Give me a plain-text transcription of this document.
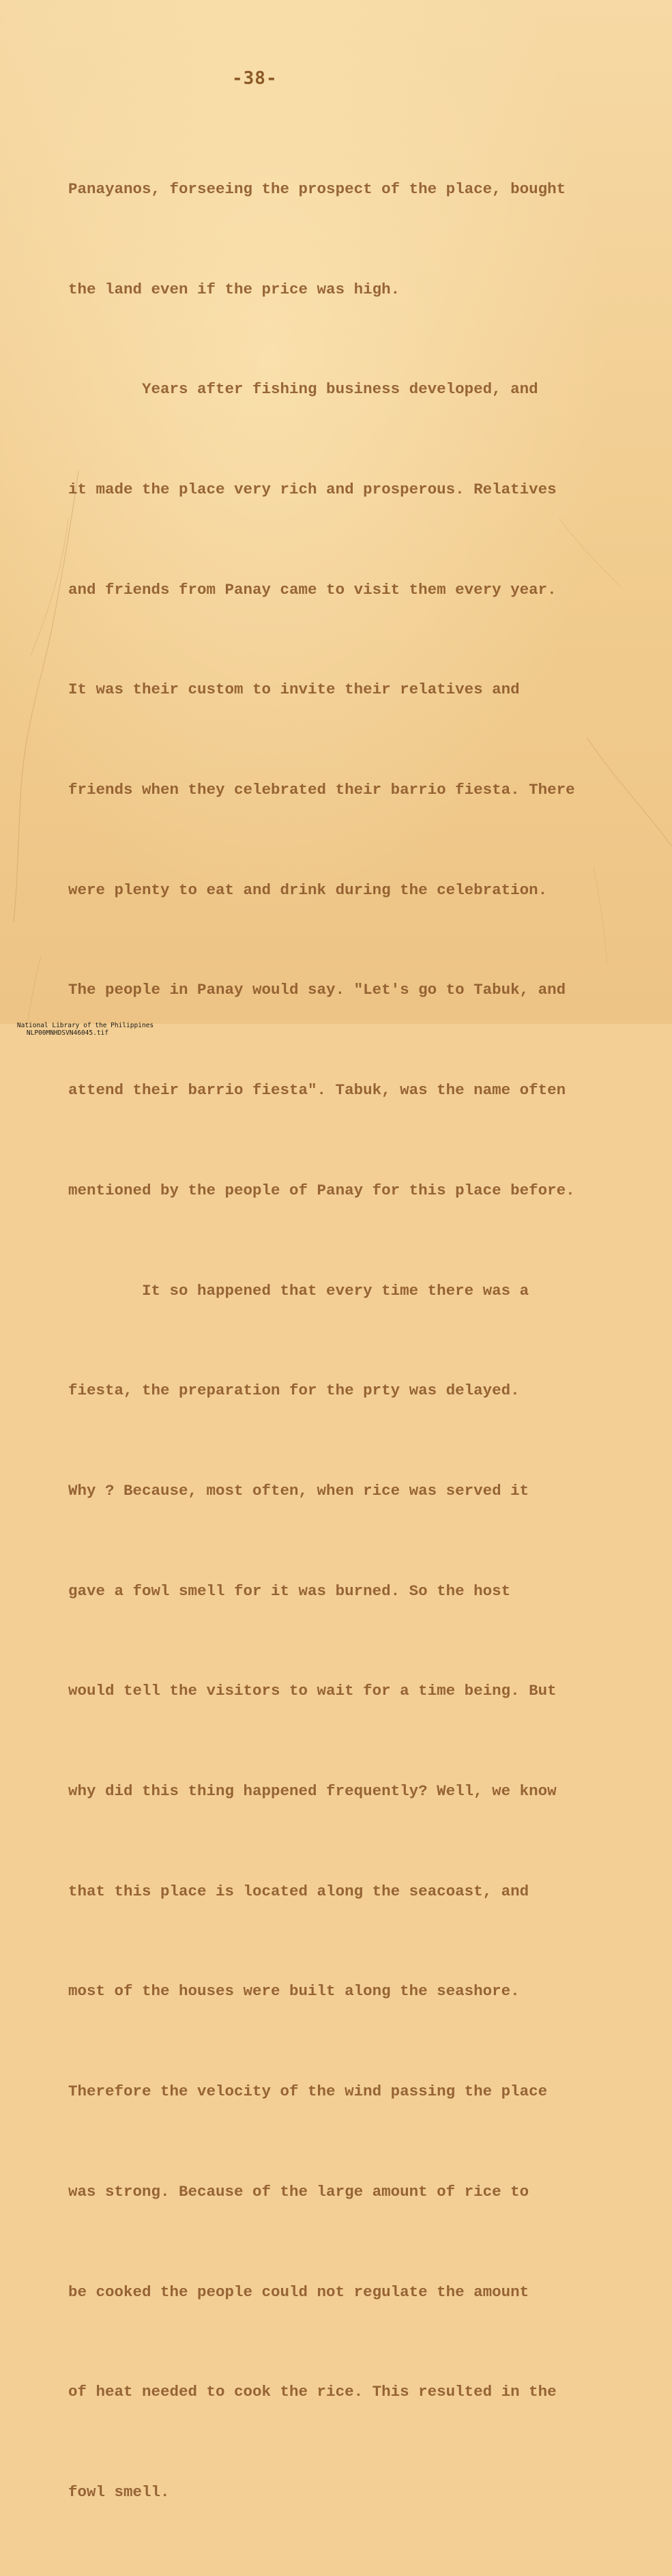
-38-

Panayanos, forseeing the prospect of the place, bought

the land even if the price was high.

Years after fishing business developed, and

it made the place very rich and prosperous. Relatives

and friends from Panay came to visit them every year.

It was their custom to invite their relatives and

friends when they celebrated their barrio fiesta. There

were plenty to eat and drink during the celebration.

The people in Panay would say. "Let's go to Tabuk, and

attend their barrio fiesta". Tabuk, was the name often

mentioned by the people of Panay for this place before.

It so happened that every time there was a

fiesta, the preparation for the prty was delayed.

Why ? Because, most often, when rice was served it

gave a fowl smell for it was burned. So the host

would tell the visitors to wait for a time being. But

why did this thing happened frequently? Well, we know

that this place is located along the seacoast, and

most of the houses were built along the seashore.

Therefore the velocity of the wind passing the place

was strong. Because of the large amount of rice to

be cooked the people could not regulate the amount

of heat needed to cook the rice. This resulted in the

fowl smell.

National Library of the Philippines
NLP00MNHDSVN46045.tif
